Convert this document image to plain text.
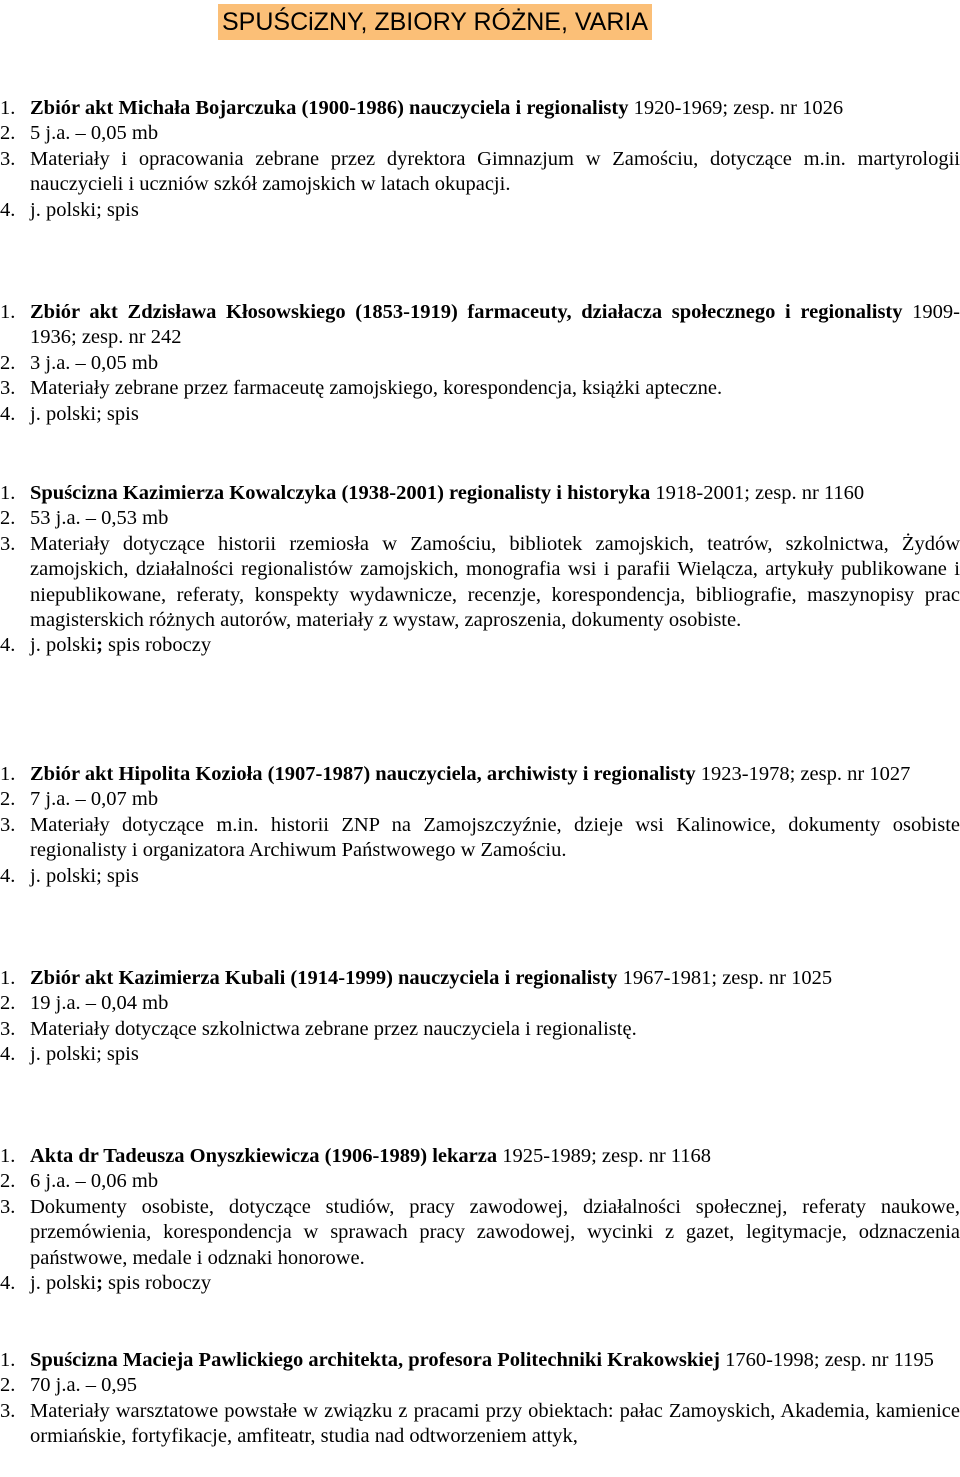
SPUŚCiZNY, ZBIORY RÓŻNE, VARIA
1. Zbiór akt Michała Bojarczuka (1900-1986) nauczyciela i regionalisty 1920-1969; zesp. nr 1026
2. 5 j.a. – 0,05 mb
3. Materiały i opracowania zebrane przez dyrektora Gimnazjum w Zamościu, dotyczące m.in. martyrologii nauczycieli i uczniów szkół zamojskich w latach okupacji.
4. j. polski; spis
1. Zbiór akt Zdzisława Kłosowskiego (1853-1919) farmaceuty, działacza społecznego i regionalisty 1909-1936; zesp. nr 242
2. 3 j.a. – 0,05 mb
3. Materiały zebrane przez farmaceutę zamojskiego, korespondencja, książki apteczne.
4. j. polski; spis
1. Spuścizna Kazimierza Kowalczyka (1938-2001) regionalisty i historyka 1918-2001; zesp. nr 1160
2. 53 j.a. – 0,53 mb
3. Materiały dotyczące historii rzemiosła w Zamościu, bibliotek zamojskich, teatrów, szkolnictwa, Żydów zamojskich, działalności regionalistów zamojskich, monografia wsi i parafii Wielącza, artykuły publikowane i niepublikowane, referaty, konspekty wydawnicze, recenzje, korespondencja, bibliografie, maszynopisy prac magisterskich różnych autorów, materiały z wystaw, zaproszenia, dokumenty osobiste.
4. j. polski; spis roboczy
1. Zbiór akt Hipolita Kozioła (1907-1987) nauczyciela, archiwisty i regionalisty 1923-1978; zesp. nr 1027
2. 7 j.a. – 0,07 mb
3. Materiały dotyczące m.in. historii ZNP na Zamojszczyźnie, dzieje wsi Kalinowice, dokumenty osobiste regionalisty i organizatora Archiwum Państwowego w Zamościu.
4. j. polski; spis
1. Zbiór akt Kazimierza Kubali (1914-1999) nauczyciela i regionalisty 1967-1981; zesp. nr 1025
2. 19 j.a. – 0,04 mb
3. Materiały dotyczące szkolnictwa zebrane przez nauczyciela i regionalistę.
4. j. polski; spis
1. Akta dr Tadeusza Onyszkiewicza (1906-1989) lekarza 1925-1989; zesp. nr 1168
2. 6 j.a. – 0,06 mb
3. Dokumenty osobiste, dotyczące studiów, pracy zawodowej, działalności społecznej, referaty naukowe, przemówienia, korespondencja w sprawach pracy zawodowej, wycinki z gazet, legitymacje, odznaczenia państwowe, medale i odznaki honorowe.
4. j. polski; spis roboczy
1. Spuścizna Macieja Pawlickiego architekta, profesora Politechniki Krakowskiej 1760-1998; zesp. nr 1195
2. 70 j.a. – 0,95
3. Materiały warsztatowe powstałe w związku z pracami przy obiektach: pałac Zamoyskich, Akademia, kamienice ormiańskie, fortyfikacje, amfiteatr, studia nad odtworzeniem attyk,
